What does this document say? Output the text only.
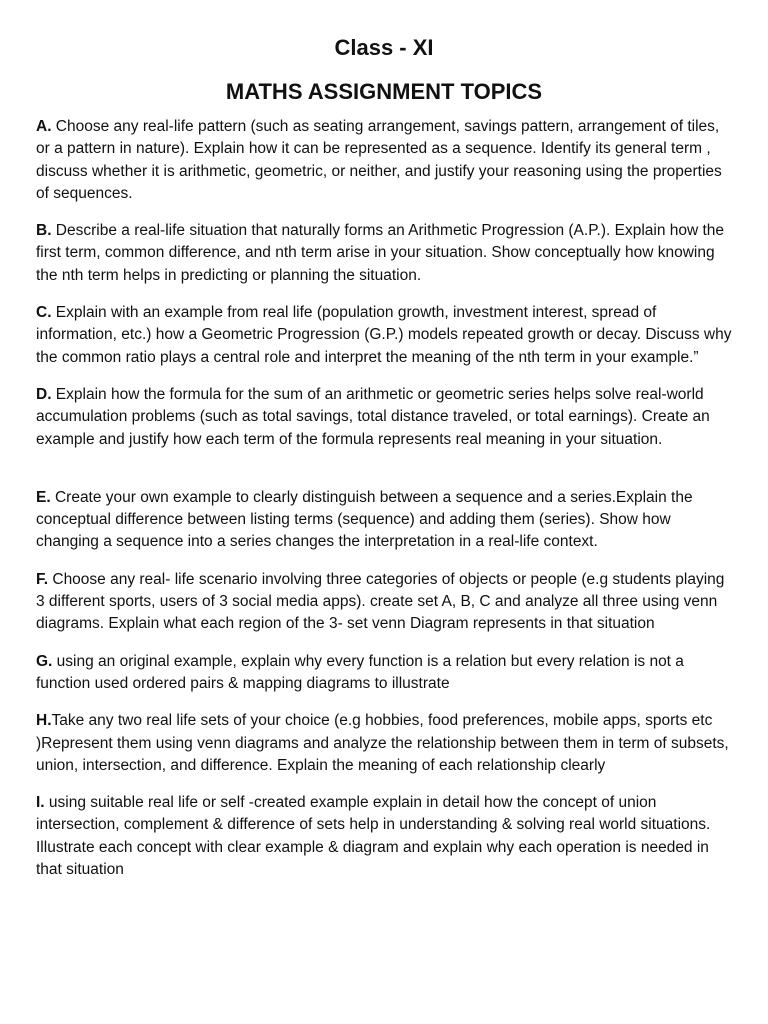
Class - XI
MATHS ASSIGNMENT TOPICS

A. Choose any real-life pattern (such as seating arrangement, savings pattern, arrangement of tiles, or a pattern in nature). Explain how it can be represented as a sequence. Identify its general term , discuss whether it is arithmetic, geometric, or neither, and justify your reasoning using the properties of sequences.

B. Describe a real-life situation that naturally forms an Arithmetic Progression (A.P.). Explain how the first term, common difference, and nth term arise in your situation. Show conceptually how knowing the nth term helps in predicting or planning the situation.

C. Explain with an example from real life (population growth, investment interest, spread of information, etc.) how a Geometric Progression (G.P.) models repeated growth or decay. Discuss why the common ratio plays a central role and interpret the meaning of the nth term in your example.”

D. Explain how the formula for the sum of an arithmetic or geometric series helps solve real-world accumulation problems (such as total savings, total distance traveled, or total earnings). Create an example and justify how each term of the formula represents real meaning in your situation.

E. Create your own example to clearly distinguish between a sequence and a series.Explain the conceptual difference between listing terms (sequence) and adding them (series). Show how changing a sequence into a series changes the interpretation in a real-life context.

F. Choose any real- life scenario involving three categories of objects or people (e.g students playing 3 different sports, users of 3 social media apps). create set A, B, C and analyze all three using venn diagrams. Explain what each region of the 3- set venn Diagram represents in that situation

G. using an original example, explain why every function is a relation but every relation is not a function used ordered pairs & mapping diagrams to illustrate

H.Take any two real life sets of your choice (e.g hobbies, food preferences, mobile apps, sports etc )Represent them using venn diagrams and analyze the relationship between them in term of subsets, union, intersection, and difference. Explain the meaning of each relationship clearly

I. using suitable real life or self -created example explain in detail how the concept of union intersection, complement & difference of sets help in understanding & solving real world situations. Illustrate each concept with clear example & diagram and explain why each operation is needed in that situation
